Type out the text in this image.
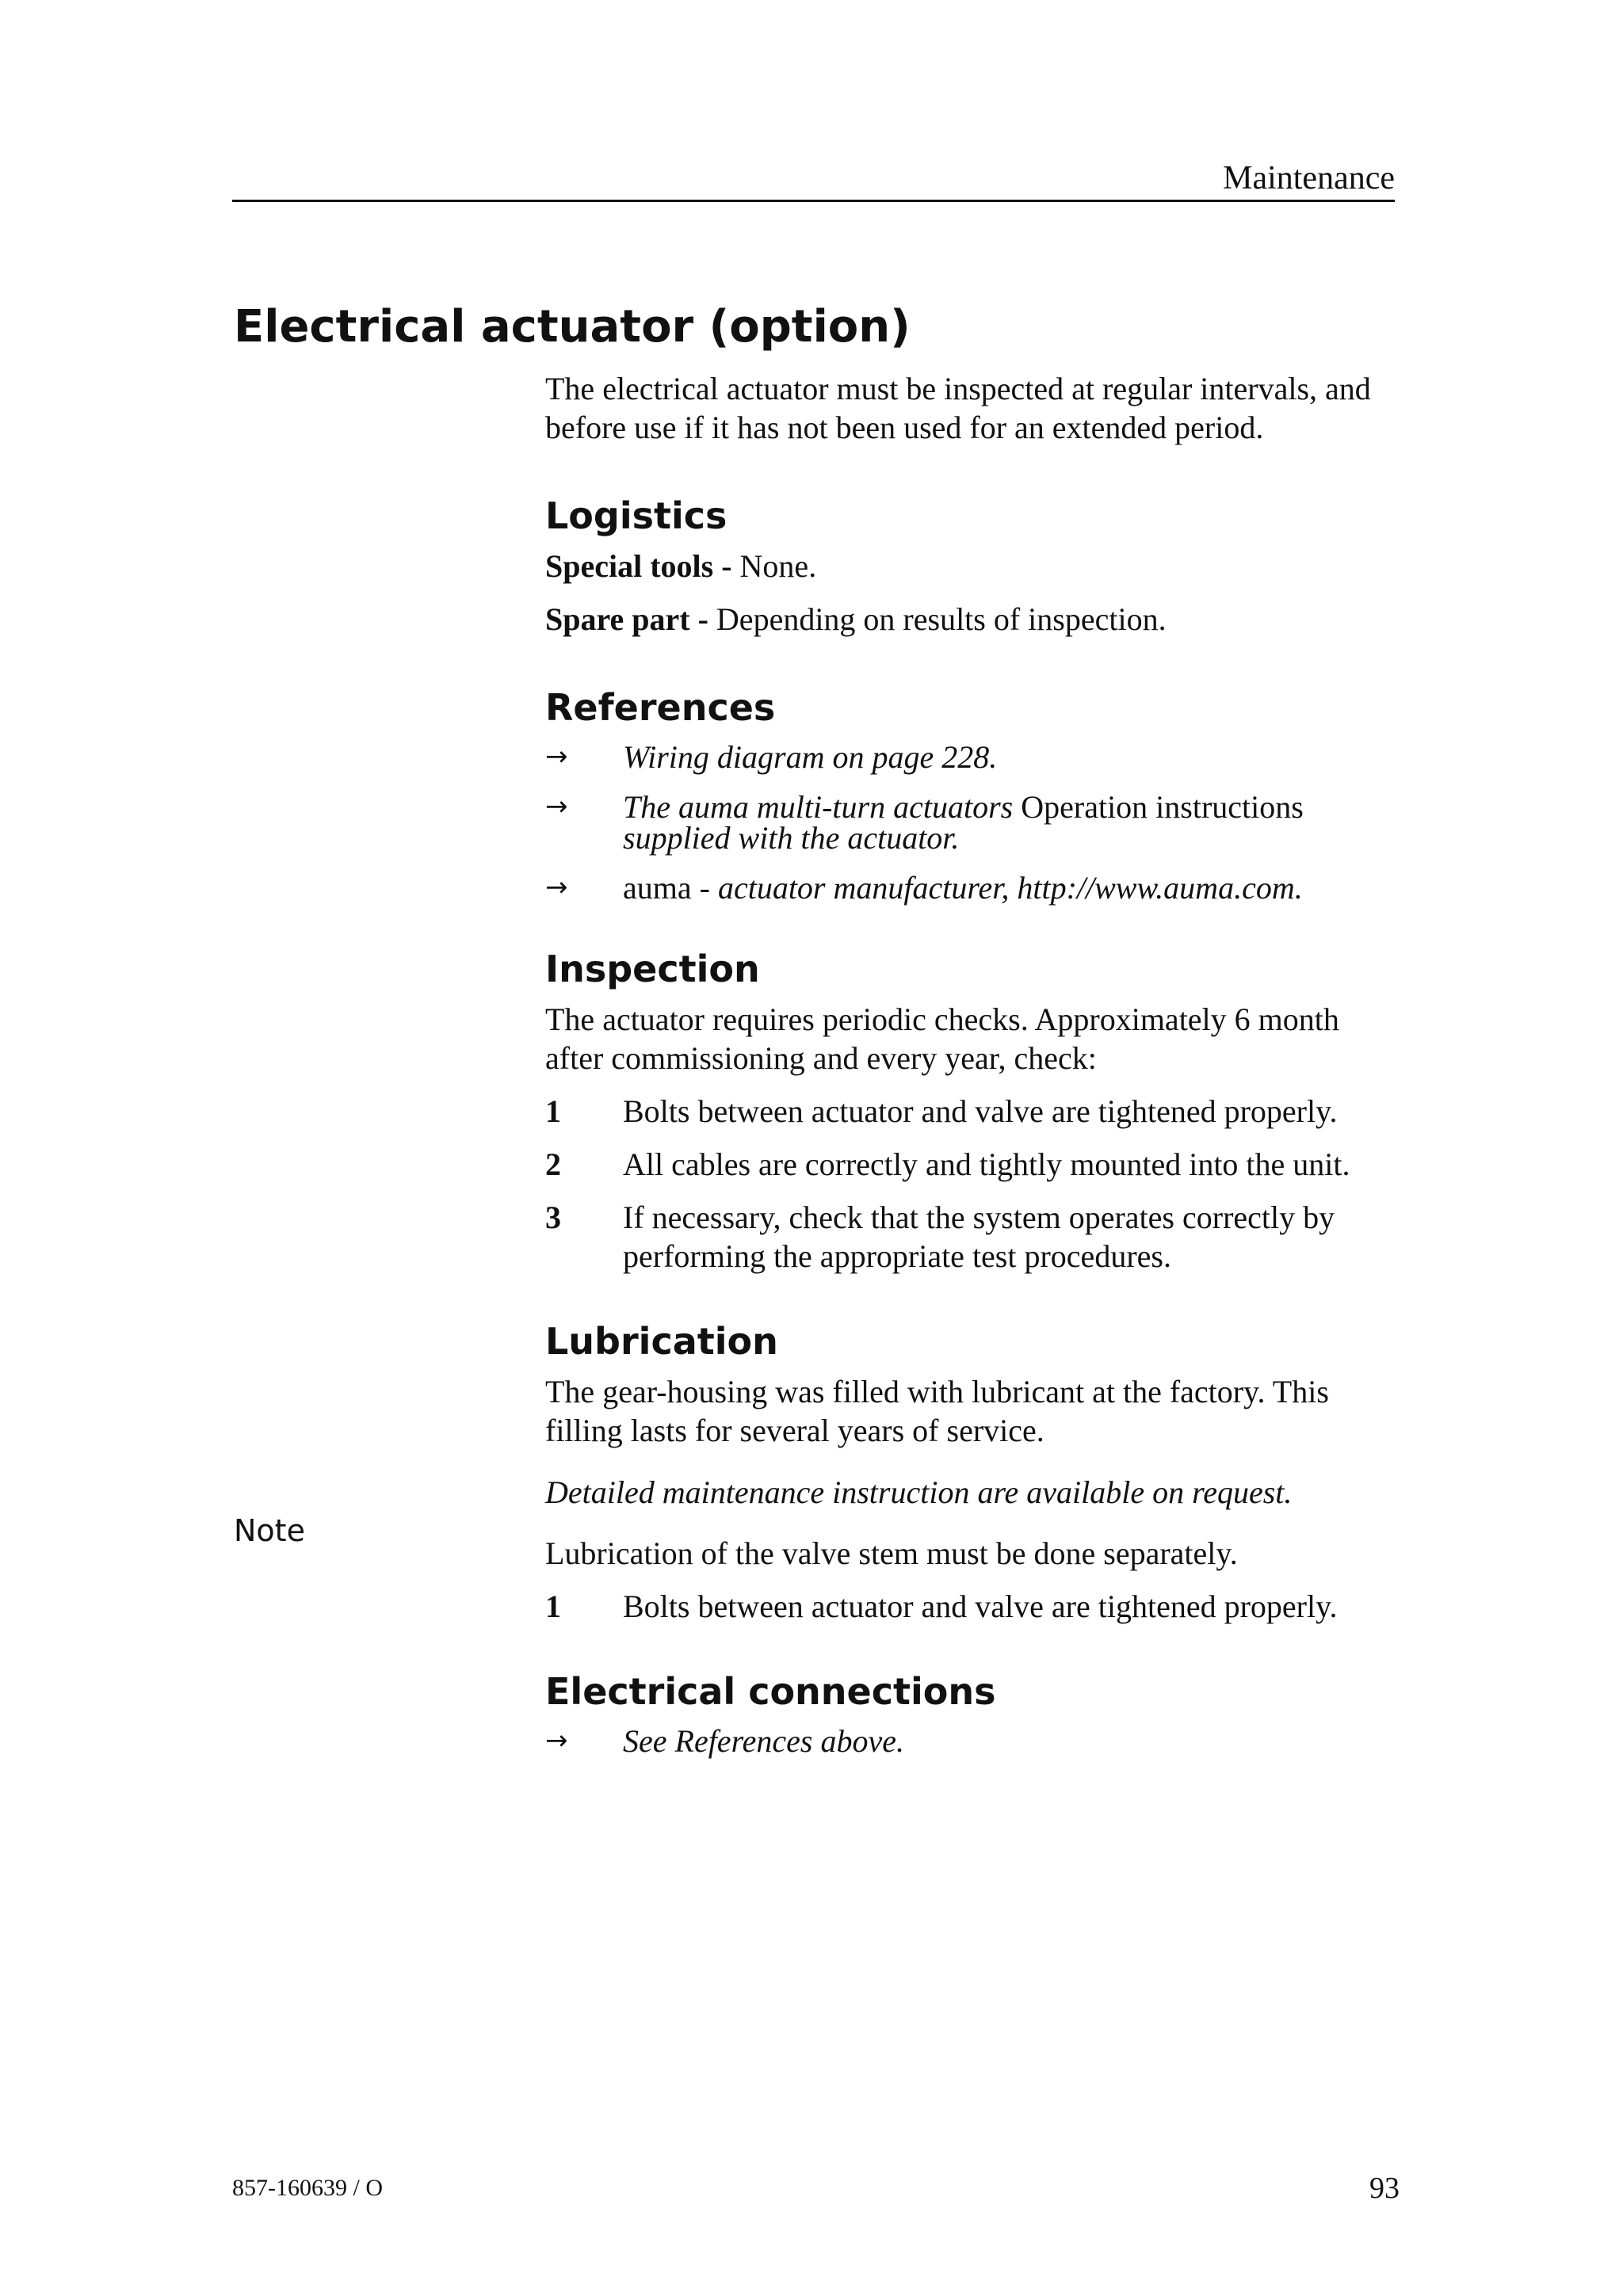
Maintenance
Electrical actuator (option)

The electrical actuator must be inspected at regular intervals, and before use if it has not been used for an extended period.

Logistics

Special tools - None.

Spare part - Depending on results of inspection.

References
→	Wiring diagram on page 228.
→	The auma multi-turn actuators Operation instructions supplied with the actuator.
→	auma - actuator manufacturer, http://www.auma.com.
Inspection

The actuator requires periodic checks. Approximately 6 month after commissioning and every year, check:

1	Bolts between actuator and valve are tightened properly.
2	All cables are correctly and tightly mounted into the unit.
3	If necessary, check that the system operates correctly by performing the appropriate test procedures.
Lubrication

The gear-housing was filled with lubricant at the factory. This filling lasts for several years of service.

Detailed maintenance instruction are available on request.

Lubrication of the valve stem must be done separately.

1	Bolts between actuator and valve are tightened properly.
Electrical connections
→	See References above.
Note
857-160639 / O	93
